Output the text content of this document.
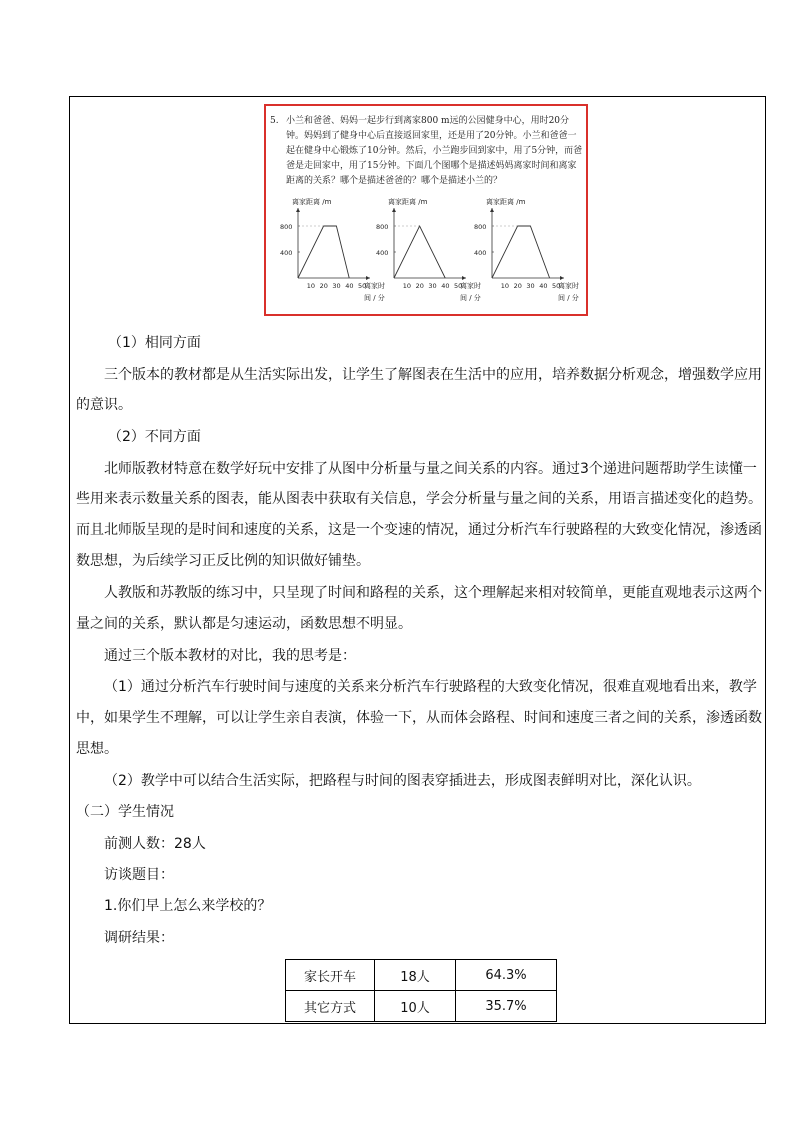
5. 小兰和爸爸、妈妈一起步行到离家800 m远的公园健身中心，用时20分钟。妈妈到了健身中心后直接返回家里，还是用了20分钟。小兰和爸爸一起在健身中心锻炼了10分钟。然后，小兰跑步回到家中，用了5分钟，而爸爸是走回家中，用了15分钟。下面几个图哪个是描述妈妈离家时间和离家距离的关系？哪个是描述爸爸的？哪个是描述小兰的？
离家距离 /m
800
400
10 20 30 40 50
离家时
间 / 分
离家距离 /m
800
400
10 20 30 40 50
离家时
间 / 分
离家距离 /m
800
400
10 20 30 40 50
离家时
间 / 分
（1）相同方面
三个版本的教材都是从生活实际出发，让学生了解图表在生活中的应用，培养数据分析观念，增强数学应用
的意识。
（2）不同方面
北师版教材特意在数学好玩中安排了从图中分析量与量之间关系的内容。通过3个递进问题帮助学生读懂一
些用来表示数量关系的图表，能从图表中获取有关信息，学会分析量与量之间的关系，用语言描述变化的趋势。
而且北师版呈现的是时间和速度的关系，这是一个变速的情况，通过分析汽车行驶路程的大致变化情况，渗透函
数思想，为后续学习正反比例的知识做好铺垫。
人教版和苏教版的练习中，只呈现了时间和路程的关系，这个理解起来相对较简单，更能直观地表示这两个
量之间的关系，默认都是匀速运动，函数思想不明显。
通过三个版本教材的对比，我的思考是：
（1）通过分析汽车行驶时间与速度的关系来分析汽车行驶路程的大致变化情况，很难直观地看出来，教学
中，如果学生不理解，可以让学生亲自表演，体验一下，从而体会路程、时间和速度三者之间的关系，渗透函数
思想。
（2）教学中可以结合生活实际，把路程与时间的图表穿插进去，形成图表鲜明对比，深化认识。
（二）学生情况
前测人数：28人
访谈题目：
1.你们早上怎么来学校的？
调研结果：
家长开车	18人	64.3%
其它方式	10人	35.7%
